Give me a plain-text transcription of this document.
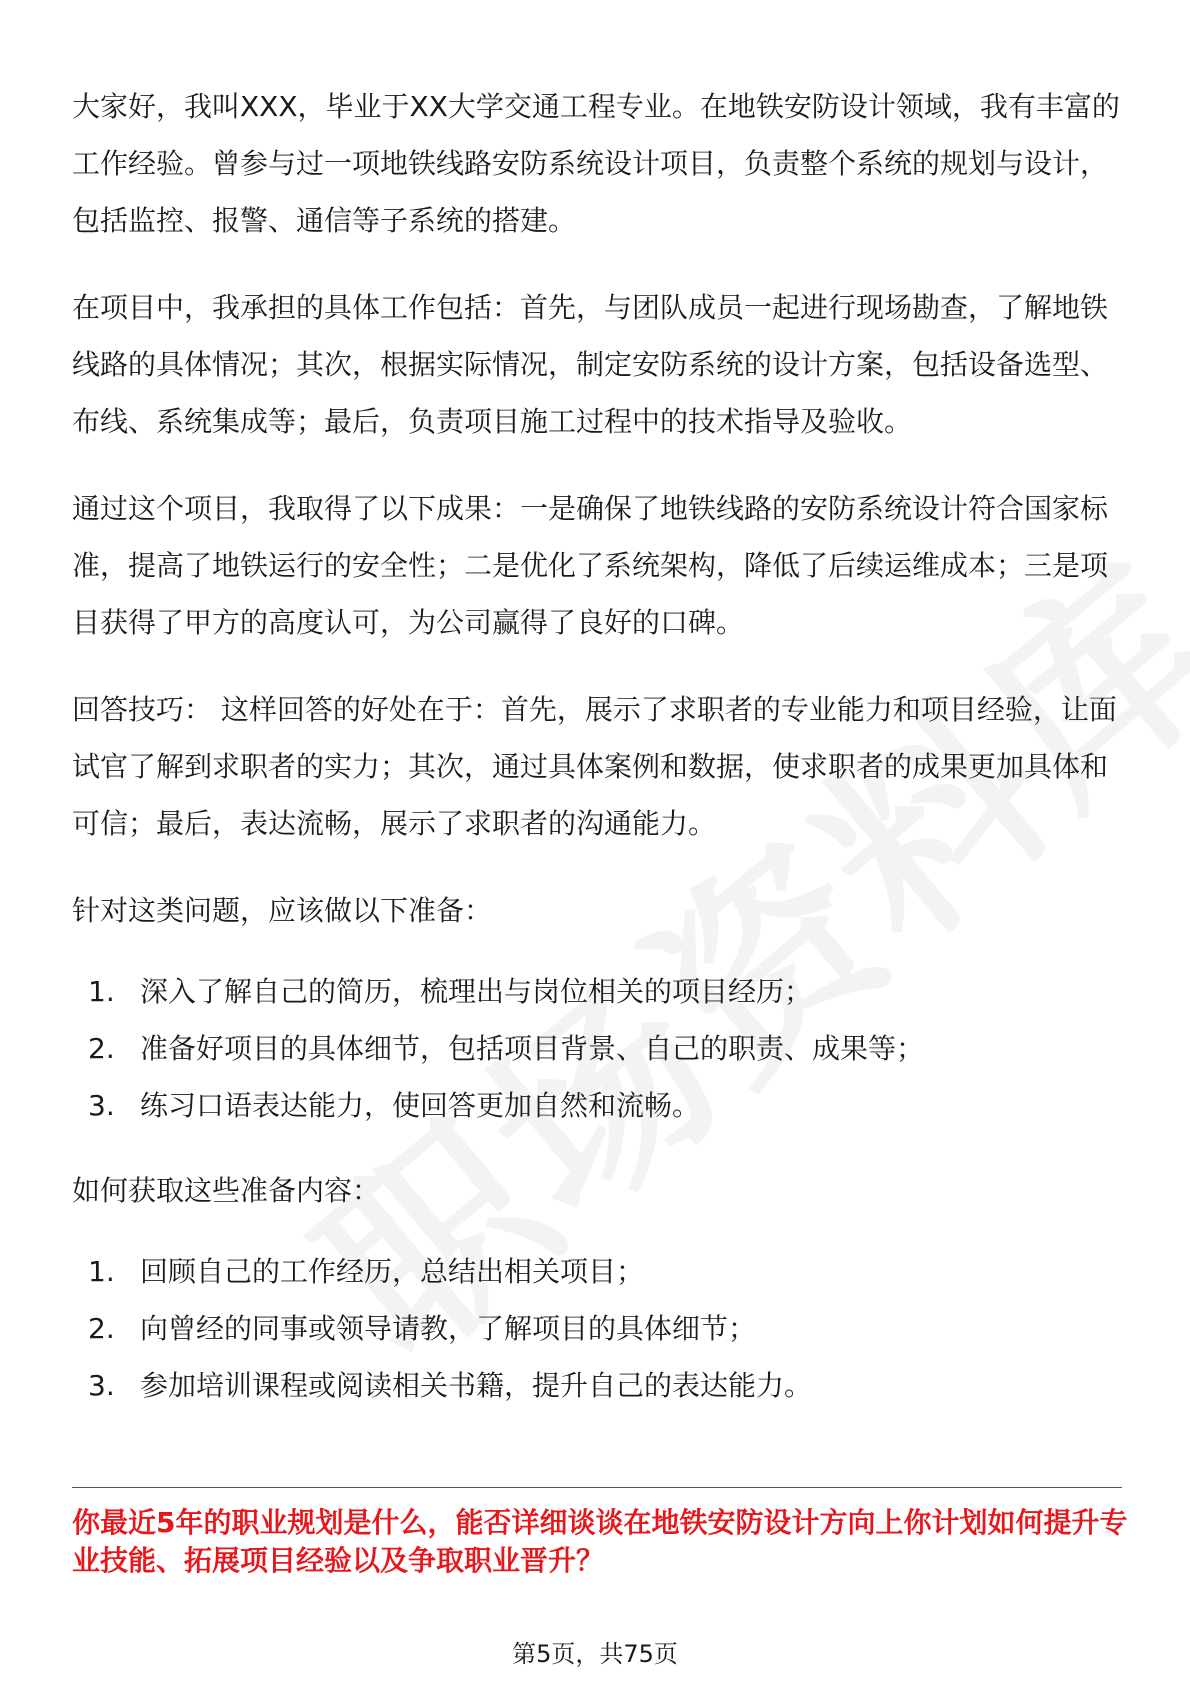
大家好，我叫XXX，毕业于XX大学交通工程专业。在地铁安防设计领域，我有丰富的工作经验。曾参与过一项地铁线路安防系统设计项目，负责整个系统的规划与设计，包括监控、报警、通信等子系统的搭建。

在项目中，我承担的具体工作包括：首先，与团队成员一起进行现场勘查，了解地铁线路的具体情况；其次，根据实际情况，制定安防系统的设计方案，包括设备选型、布线、系统集成等；最后，负责项目施工过程中的技术指导及验收。

通过这个项目，我取得了以下成果：一是确保了地铁线路的安防系统设计符合国家标准，提高了地铁运行的安全性；二是优化了系统架构，降低了后续运维成本；三是项目获得了甲方的高度认可，为公司赢得了良好的口碑。

回答技巧： 这样回答的好处在于：首先，展示了求职者的专业能力和项目经验，让面试官了解到求职者的实力；其次，通过具体案例和数据，使求职者的成果更加具体和可信；最后，表达流畅，展示了求职者的沟通能力。

针对这类问题，应该做以下准备：

1. 深入了解自己的简历，梳理出与岗位相关的项目经历；
2. 准备好项目的具体细节，包括项目背景、自己的职责、成果等；
3. 练习口语表达能力，使回答更加自然和流畅。

如何获取这些准备内容：

1. 回顾自己的工作经历，总结出相关项目；
2. 向曾经的同事或领导请教，了解项目的具体细节；
3. 参加培训课程或阅读相关书籍，提升自己的表达能力。
你最近5年的职业规划是什么，能否详细谈谈在地铁安防设计方向上你计划如何提升专业技能、拓展项目经验以及争取职业晋升？
第5页，共75页
